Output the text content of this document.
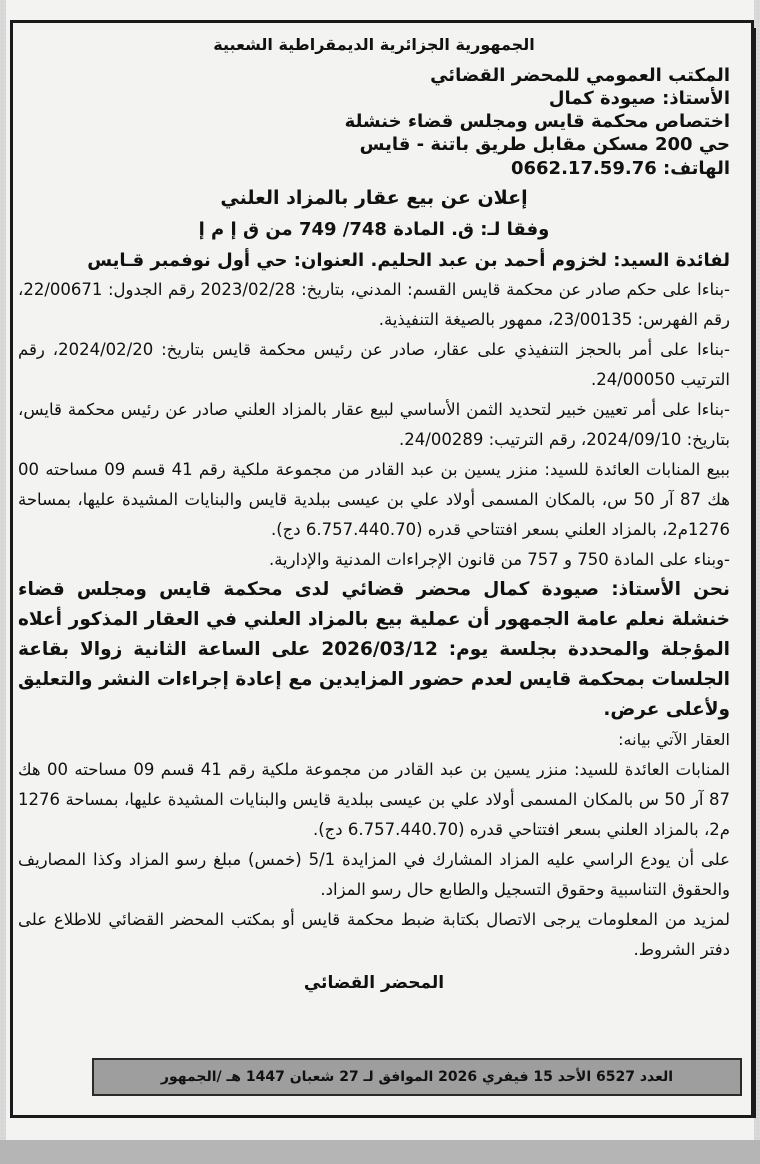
الجمهورية الجزائرية الديمقراطية الشعبية
المكتب العمومي للمحضر القضائي
الأستاذ: صيودة كمال
اختصاص محكمة قايس ومجلس قضاء خنشلة
حي 200 مسكن مقابل طريق باتنة - قايس
الهاتف: 0662.17.59.76
إعلان عن بيع عقار بالمزاد العلني
وفقا لـ: ق. المادة 748/ 749 من ق إ م إ
لفائدة السيد: لخزوم أحمد بن عبد الحليم. العنوان: حي أول نوفمبر قـايس
-بناءا على حكم صادر عن محكمة قايس القسم: المدني، بتاريخ: 2023/02/28 رقم الجدول: 22/00671، رقم الفهرس: 23/00135، ممهور بالصيغة التنفيذية.
-بناءا على أمر بالحجز التنفيذي على عقار، صادر عن رئيس محكمة قايس بتاريخ: 2024/02/20، رقم الترتيب 24/00050.
-بناءا على أمر تعيين خبير لتحديد الثمن الأساسي لبيع عقار بالمزاد العلني صادر عن رئيس محكمة قايس، بتاريخ: 2024/09/10، رقم الترتيب: 24/00289.
ببيع المنابات العائدة للسيد: منزر يسين بن عبد القادر من مجموعة ملكية رقم 41 قسم 09 مساحته 00 هك 87 آر 50 س، بالمكان المسمى أولاد علي بن عيسى ببلدية قايس والبنايات المشيدة عليها، بمساحة 1276م2، بالمزاد العلني بسعر افتتاحي قدره (6.757.440.70 دج).
-وبناء على المادة 750 و 757 من قانون الإجراءات المدنية والإدارية.
نحن الأستاذ: صيودة كمال محضر قضائي لدى محكمة قايس ومجلس قضاء خنشلة نعلم عامة الجمهور أن عملية بيع بالمزاد العلني في العقار المذكور أعلاه المؤجلة والمحددة بجلسة يوم: 2026/03/12 على الساعة الثانية زوالا بقاعة الجلسات بمحكمة قايس لعدم حضور المزايدين مع إعادة إجراءات النشر والتعليق ولأعلى عرض.
العقار الآتي بيانه:
المنابات العائدة للسيد: منزر يسين بن عبد القادر من مجموعة ملكية رقم 41 قسم 09 مساحته 00 هك 87 آر 50 س بالمكان المسمى أولاد علي بن عيسى ببلدية قايس والبنايات المشيدة عليها، بمساحة 1276 م2، بالمزاد العلني بسعر افتتاحي قدره (6.757.440.70 دج).
على أن يودع الراسي عليه المزاد المشارك في المزايدة 5/1 (خمس) مبلغ رسو المزاد وكذا المصاريف والحقوق التناسبية وحقوق التسجيل والطابع حال رسو المزاد.
لمزيد من المعلومات يرجى الاتصال بكتابة ضبط محكمة قايس أو بمكتب المحضر القضائي للاطلاع على دفتر الشروط.
المحضر القضائي
العدد 6527 الأحد 15 فيفري 2026 الموافق لـ 27 شعبان 1447 هـ /الجمهور
